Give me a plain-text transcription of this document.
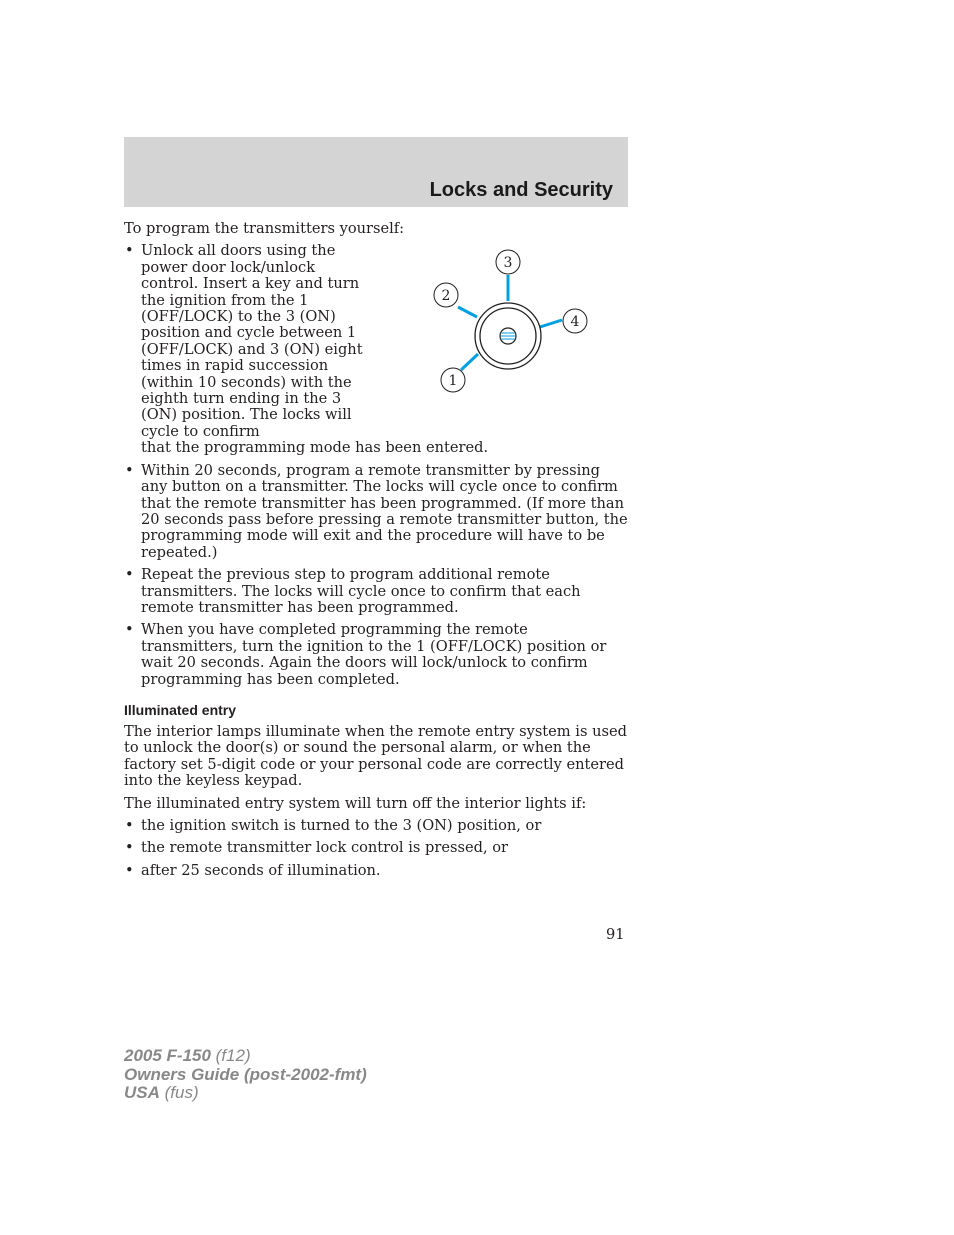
Locks and Security

To program the transmitters yourself:

• Unlock all doors using the power door lock/unlock control. Insert a key and turn the ignition from the 1 (OFF/LOCK) to the 3 (ON) position and cycle between 1 (OFF/LOCK) and 3 (ON) eight times in rapid succession (within 10 seconds) with the eighth turn ending in the 3 (ON) position. The locks will cycle to confirm
that the programming mode has been entered.
• Within 20 seconds, program a remote transmitter by pressing any button on a transmitter. The locks will cycle once to confirm that the remote transmitter has been programmed. (If more than 20 seconds pass before pressing a remote transmitter button, the programming mode will exit and the procedure will have to be repeated.)
• Repeat the previous step to program additional remote transmitters. The locks will cycle once to confirm that each remote transmitter has been programmed.
• When you have completed programming the remote transmitters, turn the ignition to the 1 (OFF/LOCK) position or wait 20 seconds. Again the doors will lock/unlock to confirm programming has been completed.
Illuminated entry

The interior lamps illuminate when the remote entry system is used to unlock the door(s) or sound the personal alarm, or when the factory set 5-digit code or your personal code are correctly entered into the keyless keypad.

The illuminated entry system will turn off the interior lights if:

• the ignition switch is turned to the 3 (ON) position, or
• the remote transmitter lock control is pressed, or
• after 25 seconds of illumination.
1
2
3
4
91
2005 F-150 (f12)
Owners Guide (post-2002-fmt)
USA (fus)
